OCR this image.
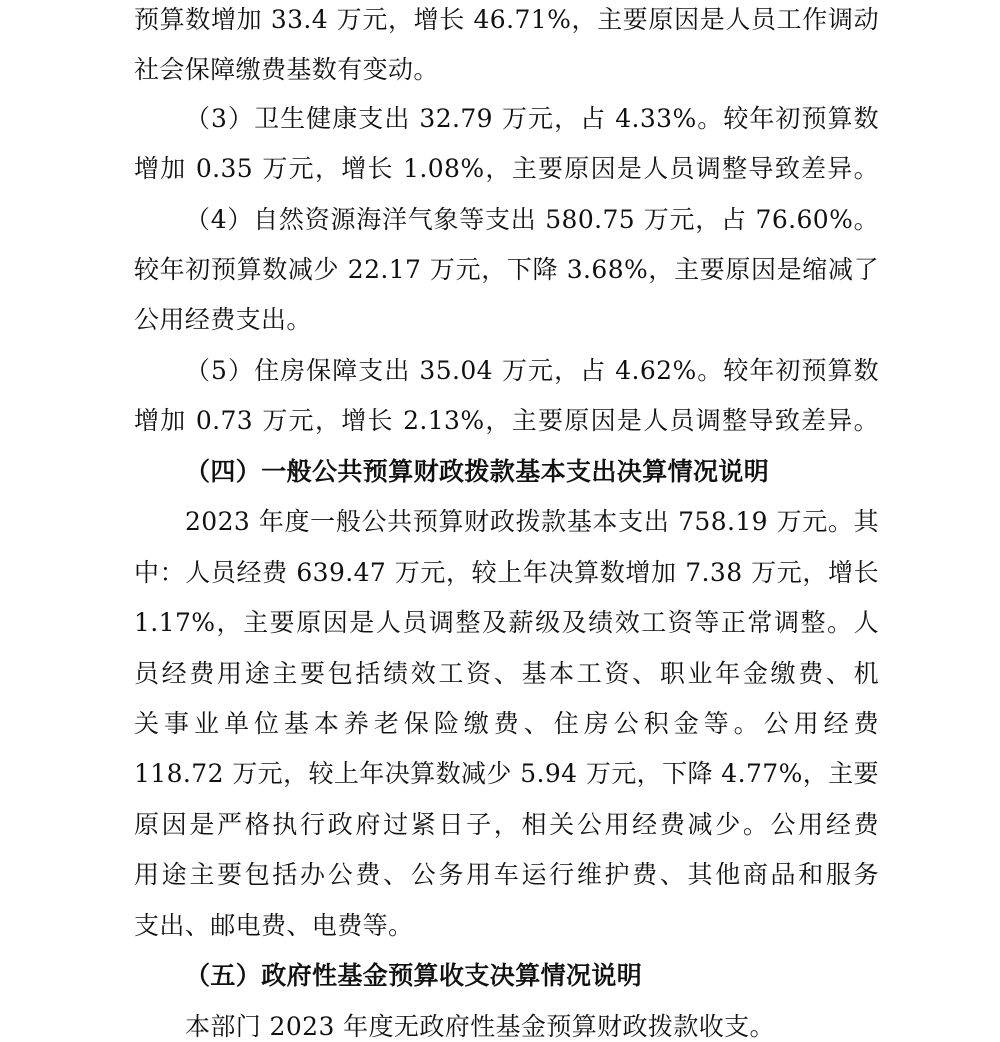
预算数增加 33.4 万元，增长 46.71%，主要原因是人员工作调动
社会保障缴费基数有变动。
（3）卫生健康支出 32.79 万元，占 4.33%。较年初预算数
增加 0.35 万元，增长 1.08%，主要原因是人员调整导致差异。
（4）自然资源海洋气象等支出 580.75 万元，占 76.60%。
较年初预算数减少 22.17 万元，下降 3.68%，主要原因是缩减了
公用经费支出。
（5）住房保障支出 35.04 万元，占 4.62%。较年初预算数
增加 0.73 万元，增长 2.13%，主要原因是人员调整导致差异。
（四）一般公共预算财政拨款基本支出决算情况说明
2023 年度一般公共预算财政拨款基本支出 758.19 万元。其
中：人员经费 639.47 万元，较上年决算数增加 7.38 万元，增长
1.17%，主要原因是人员调整及薪级及绩效工资等正常调整。人
员经费用途主要包括绩效工资、基本工资、职业年金缴费、机
关事业单位基本养老保险缴费、住房公积金等。公用经费
118.72 万元，较上年决算数减少 5.94 万元，下降 4.77%，主要
原因是严格执行政府过紧日子，相关公用经费减少。公用经费
用途主要包括办公费、公务用车运行维护费、其他商品和服务
支出、邮电费、电费等。
（五）政府性基金预算收支决算情况说明
本部门 2023 年度无政府性基金预算财政拨款收支。
